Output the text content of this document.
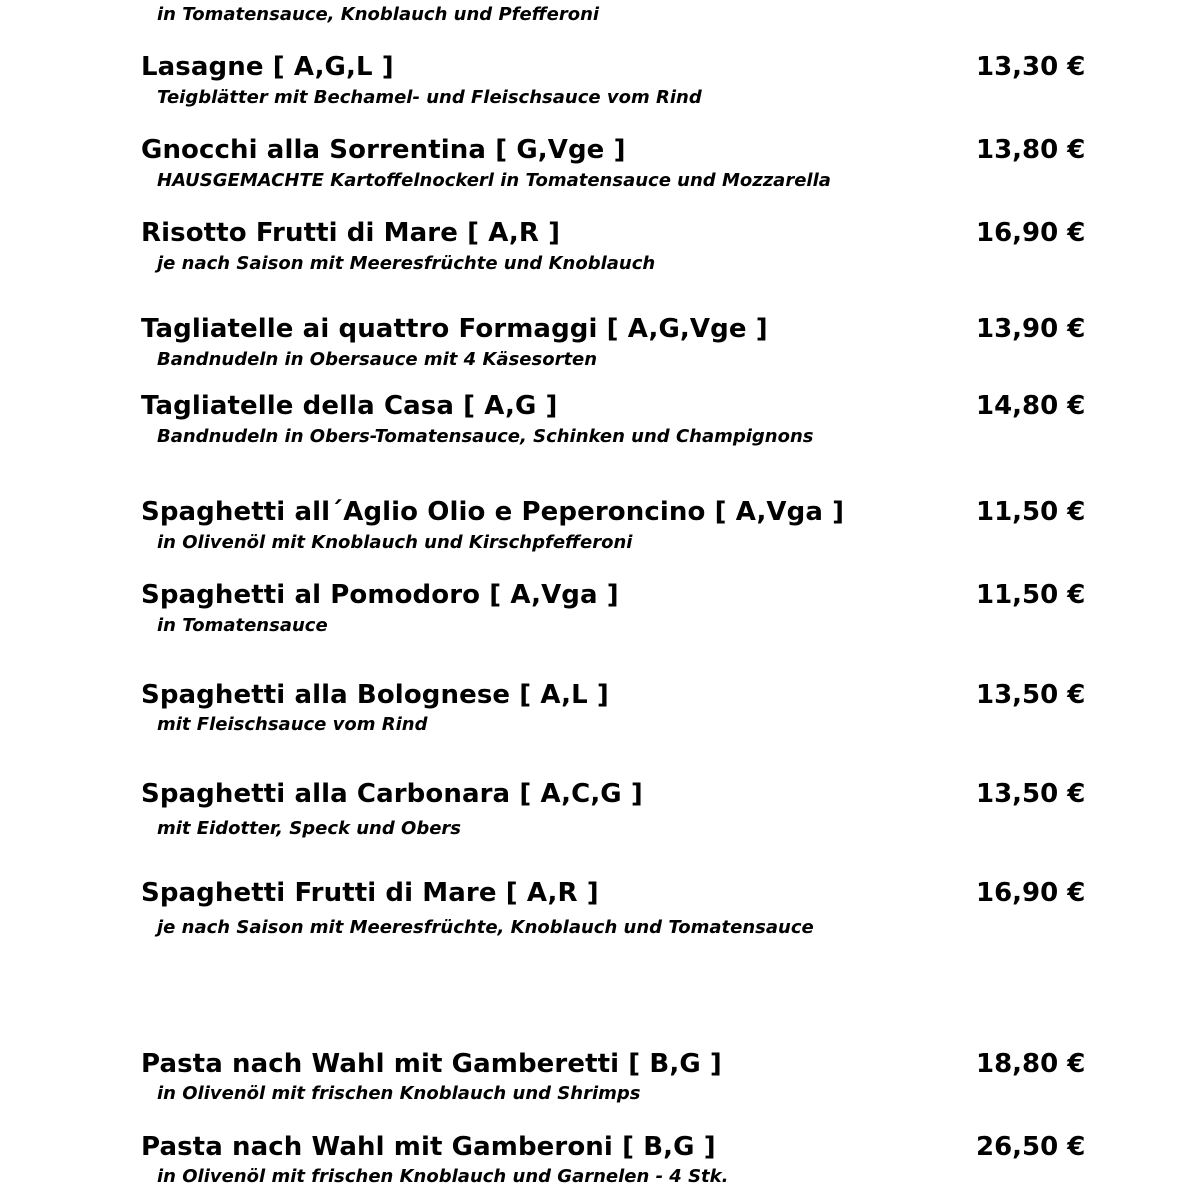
in Tomatensauce, Knoblauch und Pfefferoni
Lasagne [ A,G,L ]	13,30 €
Teigblätter mit Bechamel- und Fleischsauce vom Rind
Gnocchi alla Sorrentina [ G,Vge ]	13,80 €
HAUSGEMACHTE Kartoffelnockerl in Tomatensauce und Mozzarella
Risotto Frutti di Mare [ A,R ]	16,90 €
je nach Saison mit Meeresfrüchte und Knoblauch
Tagliatelle ai quattro Formaggi [ A,G,Vge ]	13,90 €
Bandnudeln in Obersauce mit 4 Käsesorten
Tagliatelle della Casa [ A,G ]	14,80 €
Bandnudeln in Obers-Tomatensauce, Schinken und Champignons
Spaghetti all´Aglio Olio e Peperoncino [ A,Vga ]	11,50 €
in Olivenöl mit Knoblauch und Kirschpfefferoni
Spaghetti al Pomodoro [ A,Vga ]	11,50 €
in Tomatensauce
Spaghetti alla Bolognese [ A,L ]	13,50 €
mit Fleischsauce vom Rind
Spaghetti alla Carbonara [ A,C,G ]	13,50 €
mit Eidotter, Speck und Obers
Spaghetti Frutti di Mare [ A,R ]	16,90 €
je nach Saison mit Meeresfrüchte, Knoblauch und Tomatensauce
Pasta nach Wahl mit Gamberetti [ B,G ]	18,80 €
in Olivenöl mit frischen Knoblauch und Shrimps
Pasta nach Wahl mit Gamberoni [ B,G ]	26,50 €
in Olivenöl mit frischen Knoblauch und Garnelen - 4 Stk.
